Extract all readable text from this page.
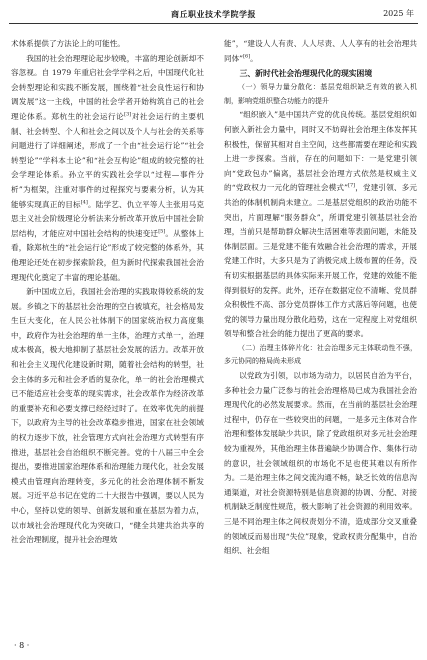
商丘职业技术学院学报	2025 年

术体系提供了方法论上的可能性。

我国的社会治理理论起步较晚，丰富的理论创新却不容忽视。自 1979 年重启社会学学科之后，中国现代化社会转型理论和实践不断发展，围绕着“社会良性运行和协调发展”这一主线，中国的社会学者开始构筑自己的社会理论体系。郑杭生的社会运行论[3]对社会运行的主要机制、社会转型、个人和社会之间以及个人与社会的关系等问题进行了详细阐述，形成了一个由“社会运行论”“社会转型论”“学科本土论”和“社会互构论”组成的较完整的社会学理论体系。孙立平的实践社会学以“过程—事件分析”为框架，注重对事件的过程探究与要素分析，认为其能够实现真正的目标[4]。陆学艺、仇立平等人主张用马克思主义社会阶级理论分析法来分析改革开放后中国社会阶层结构，才能应对中国社会结构的快速变迁[5]。从整体上看，除郑杭生的“社会运行论”形成了较完整的体系外，其他理论还处在初步探索阶段，但为新时代探索我国社会治理现代化奠定了丰富的理论基础。

新中国成立后，我国社会治理的实践取得较系统的发展。乡镇之下的基层社会治理的空白被填充，社会格局发生巨大变化，在人民公社体制下的国家统治权力高度集中，政府作为社会治理的单一主体，治理方式单一，治理成本极高，极大地抑制了基层社会发展的活力。改革开放和社会主义现代化建设新时期，随着社会结构的转型，社会主体的多元和社会矛盾的复杂化，单一的社会治理模式已不能适应社会变革的现实需求，社会改革作为经济改革的重要补充和必要支撑已经经过时了。在效率优先的前提下，以政府为主导的社会改革稳步推进，国家在社会领域的权力逐步下放，社会管理方式向社会治理方式转型有序推进，基层社会自治组织不断完善。党的十八届三中全会提出，要推进国家治理体系和治理能力现代化，社会发展模式由管理向治理转变，多元化的社会治理体制不断发展。习近平总书记在党的二十大报告中强调，要以人民为中心，坚持以党的领导、创新发展和重在基层为着力点，以市域社会治理现代化为突破口，“健全共建共治共享的社会治理制度，提升社会治理效

能”，“建设人人有责、人人尽责、人人享有的社会治理共同体”[6]。

三、新时代社会治理现代化的现实困境

（一）领导力量分散化：基层党组织缺乏有效的嵌入机制，影响党组织整合功能力的提升

“组织嵌入”是中国共产党的优良传统。基层党组织如何嵌入新社会力量中，同时又不妨碍社会治理主体发挥其积极性，保留其相对自主空间，这些都需要在理论和实践上进一步探索。当前，存在的问题如下：一是党建引领向“党政包办”偏离，基层社会治理方式依然是权威主义的“党政权力一元化的管理社会模式”[7]，党建引领、多元共治的体制机制尚未建立。二是基层党组织的政治功能不突出，片面理解“服务群众”，所谓党建引领基层社会治理，当前只是帮助群众解决生活困难等表面问题，未能及体制层面。三是党建不能有效融合社会治理的需求，开展党建工作时，大多只是为了消极完成上级布置的任务，没有切实根据基层的具体实际来开展工作，党建的效能不能得到很好的发挥。此外，还存在数据定位不清晰、党员群众积极性不高、部分党员群体工作方式落后等问题，也使党的领导力量出现分散化趋势，这在一定程度上对党组织领导和整合社会的能力提出了更高的要求。

（二）治理主体碎片化：社会治理多元主体联动性不强，多元协同的格局尚未形成

以党政为引领，以市场为动力，以居民自治为平台，多种社会力量广泛参与的社会治理格局已成为我国社会治理现代化的必然发展要求。然而，在当前的基层社会治理过程中，仍存在一些较突出的问题，一是多元主体对合作治理和整体发展缺少共识，除了党政组织对多元社会治理较为重视外，其他治理主体普遍缺少协调合作、集体行动的意识，社会领域组织的市场化不足也使其难以有所作为。二是治理主体之间交流沟通不畅，缺乏长效的信息沟通渠道，对社会资源特别是信息资源的协调、分配、对接机制缺乏制度性规范，极大影响了社会资源的利用效率。三是不同治理主体之间权责划分不清，造成部分交叉重叠的领域反而易出现“失位”现象，党政权责分配集中，自治组织、社会组

· 8 ·
